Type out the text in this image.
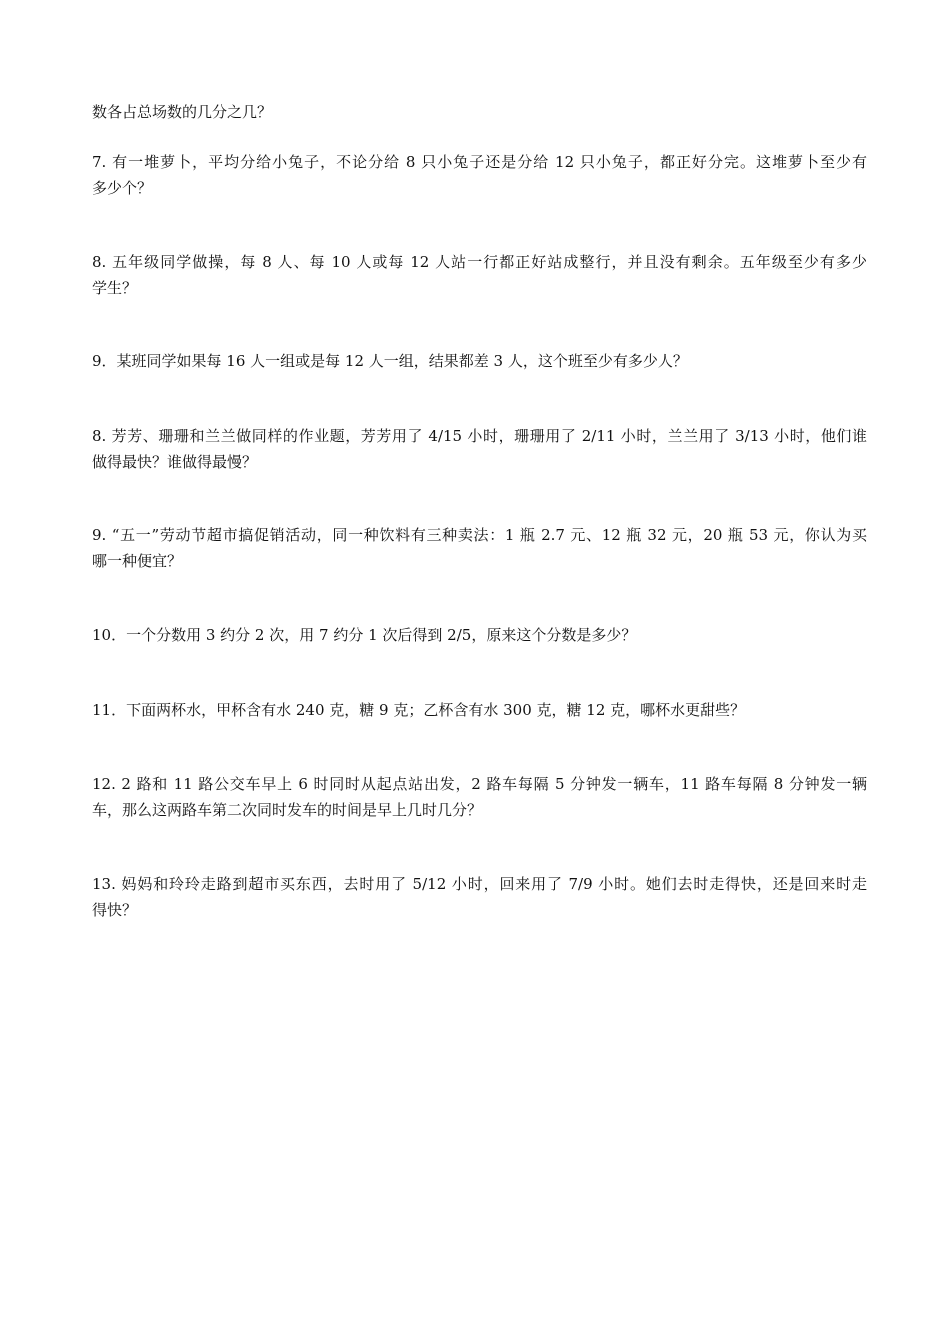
数各占总场数的几分之几？
7. 有一堆萝卜，平均分给小兔子，不论分给 8 只小兔子还是分给 12 只小兔子，都正好分完。这堆萝卜至少有
多少个？
8. 五年级同学做操，每 8 人、每 10 人或每 12 人站一行都正好站成整行，并且没有剩余。五年级至少有多少
学生？
9．某班同学如果每 16 人一组或是每 12 人一组，结果都差 3 人，这个班至少有多少人？
8. 芳芳、珊珊和兰兰做同样的作业题，芳芳用了 4/15 小时，珊珊用了 2/11 小时，兰兰用了 3/13 小时，他们谁
做得最快？谁做得最慢？
9. “五一”劳动节超市搞促销活动，同一种饮料有三种卖法：1 瓶 2.7 元、12 瓶 32 元，20 瓶 53 元，你认为买
哪一种便宜？
10．一个分数用 3 约分 2 次，用 7 约分 1 次后得到 2/5，原来这个分数是多少？
11．下面两杯水，甲杯含有水 240 克，糖 9 克；乙杯含有水 300 克，糖 12 克，哪杯水更甜些？
12. 2 路和 11 路公交车早上 6 时同时从起点站出发，2 路车每隔 5 分钟发一辆车，11 路车每隔 8 分钟发一辆
车，那么这两路车第二次同时发车的时间是早上几时几分？
13. 妈妈和玲玲走路到超市买东西，去时用了 5/12 小时，回来用了 7/9 小时。她们去时走得快，还是回来时走
得快？
